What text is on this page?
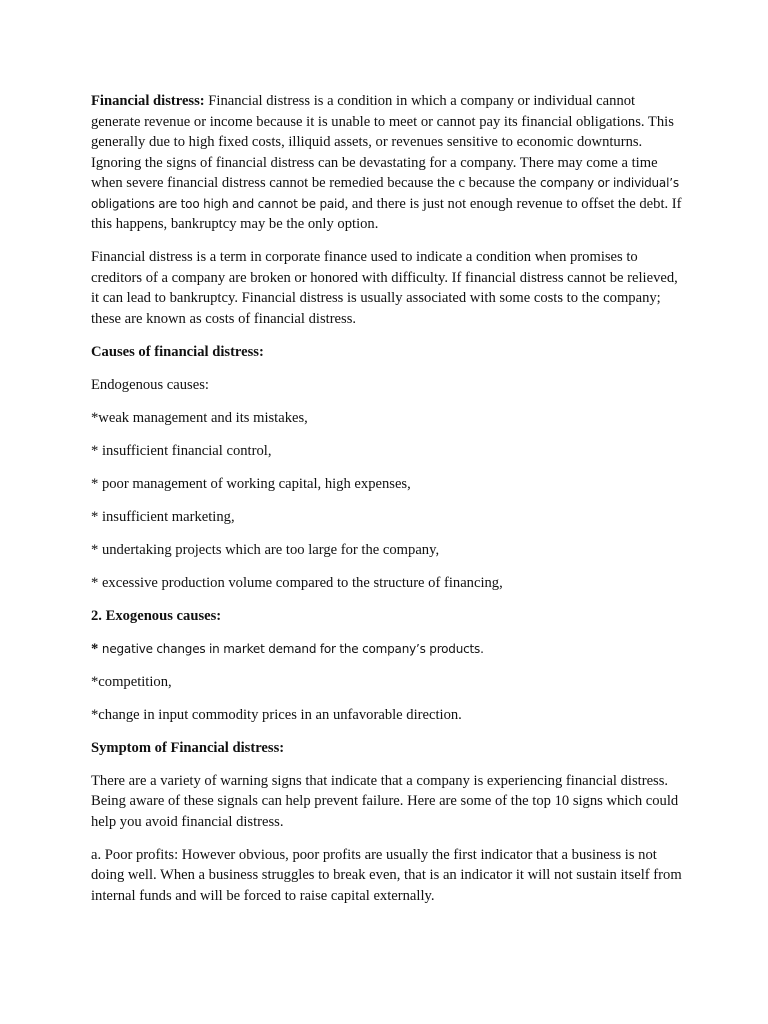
Financial distress: Financial distress is a condition in which a company or individual cannot generate revenue or income because it is unable to meet or cannot pay its financial obligations. This generally due to high fixed costs, illiquid assets, or revenues sensitive to economic downturns. Ignoring the signs of financial distress can be devastating for a company. There may come a time when severe financial distress cannot be remedied because the c because the company or individual’s obligations are too high and cannot be paid, and there is just not enough revenue to offset the debt. If this happens, bankruptcy may be the only option.

Financial distress is a term in corporate finance used to indicate a condition when promises to creditors of a company are broken or honored with difficulty. If financial distress cannot be relieved, it can lead to bankruptcy. Financial distress is usually associated with some costs to the company; these are known as costs of financial distress.

Causes of financial distress:

Endogenous causes:

*weak management and its mistakes,

* insufficient financial control,

* poor management of working capital, high expenses,

* insufficient marketing,

* undertaking projects which are too large for the company,

* excessive production volume compared to the structure of financing,

2. Exogenous causes:

* negative changes in market demand for the company’s products.

*competition,

*change in input commodity prices in an unfavorable direction.

Symptom of Financial distress:

There are a variety of warning signs that indicate that a company is experiencing financial distress. Being aware of these signals can help prevent failure. Here are some of the top 10 signs which could help you avoid financial distress.

a. Poor profits: However obvious, poor profits are usually the first indicator that a business is not doing well. When a business struggles to break even, that is an indicator it will not sustain itself from internal funds and will be forced to raise capital externally.
